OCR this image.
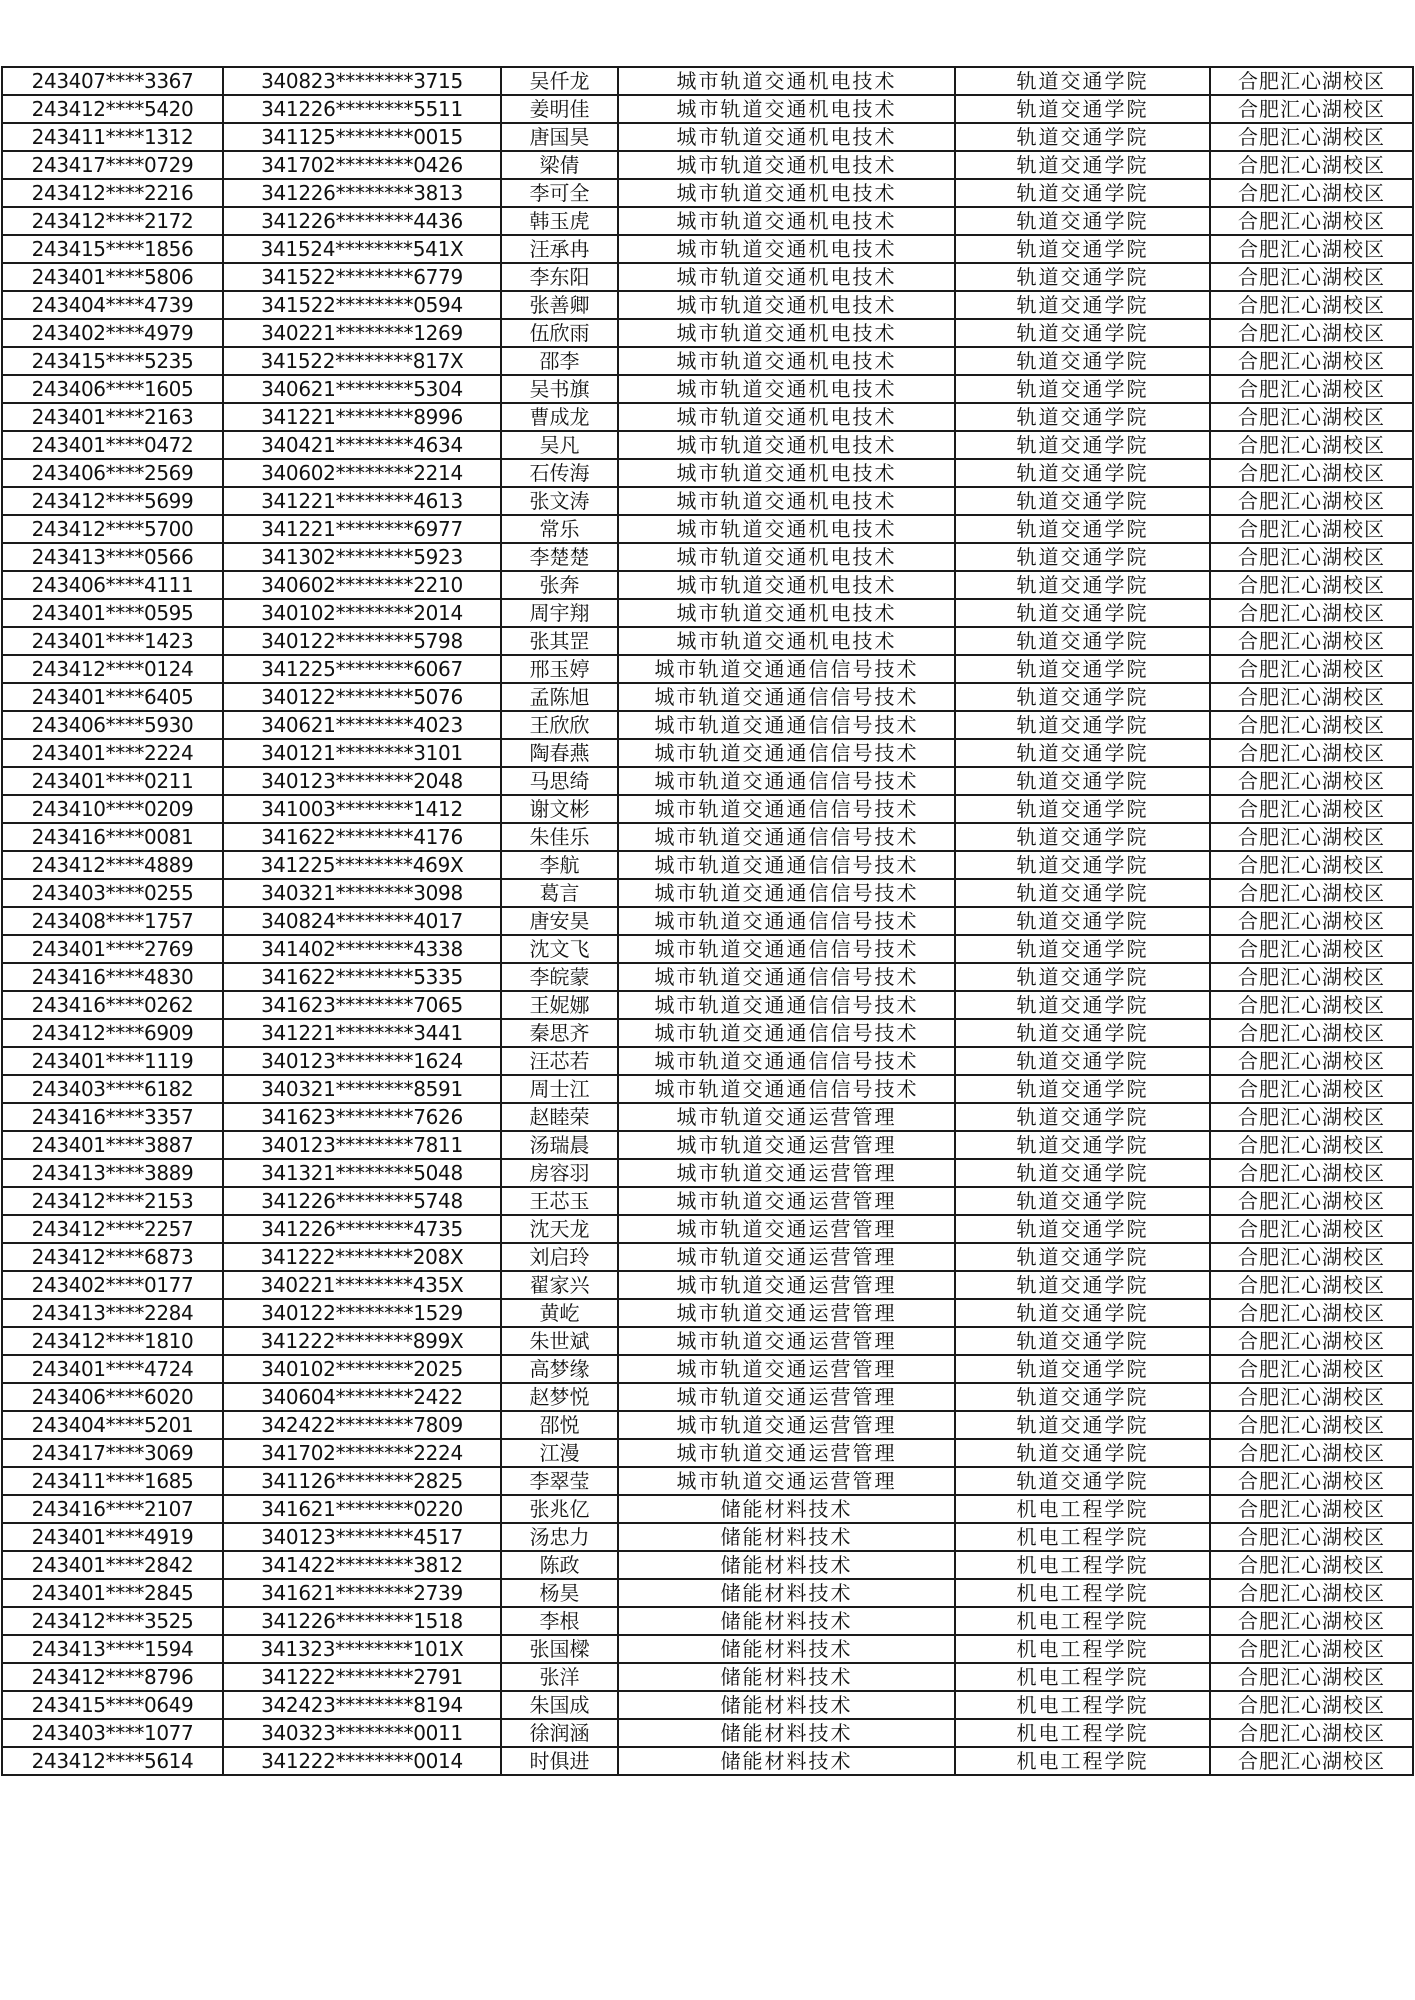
243407****3367	340823********3715	吴仟龙	城市轨道交通机电技术	轨道交通学院	合肥汇心湖校区
243412****5420	341226********5511	姜明佳	城市轨道交通机电技术	轨道交通学院	合肥汇心湖校区
243411****1312	341125********0015	唐国昊	城市轨道交通机电技术	轨道交通学院	合肥汇心湖校区
243417****0729	341702********0426	梁倩	城市轨道交通机电技术	轨道交通学院	合肥汇心湖校区
243412****2216	341226********3813	李可全	城市轨道交通机电技术	轨道交通学院	合肥汇心湖校区
243412****2172	341226********4436	韩玉虎	城市轨道交通机电技术	轨道交通学院	合肥汇心湖校区
243415****1856	341524********541X	汪承冉	城市轨道交通机电技术	轨道交通学院	合肥汇心湖校区
243401****5806	341522********6779	李东阳	城市轨道交通机电技术	轨道交通学院	合肥汇心湖校区
243404****4739	341522********0594	张善卿	城市轨道交通机电技术	轨道交通学院	合肥汇心湖校区
243402****4979	340221********1269	伍欣雨	城市轨道交通机电技术	轨道交通学院	合肥汇心湖校区
243415****5235	341522********817X	邵李	城市轨道交通机电技术	轨道交通学院	合肥汇心湖校区
243406****1605	340621********5304	吴书旗	城市轨道交通机电技术	轨道交通学院	合肥汇心湖校区
243401****2163	341221********8996	曹成龙	城市轨道交通机电技术	轨道交通学院	合肥汇心湖校区
243401****0472	340421********4634	吴凡	城市轨道交通机电技术	轨道交通学院	合肥汇心湖校区
243406****2569	340602********2214	石传海	城市轨道交通机电技术	轨道交通学院	合肥汇心湖校区
243412****5699	341221********4613	张文涛	城市轨道交通机电技术	轨道交通学院	合肥汇心湖校区
243412****5700	341221********6977	常乐	城市轨道交通机电技术	轨道交通学院	合肥汇心湖校区
243413****0566	341302********5923	李楚楚	城市轨道交通机电技术	轨道交通学院	合肥汇心湖校区
243406****4111	340602********2210	张奔	城市轨道交通机电技术	轨道交通学院	合肥汇心湖校区
243401****0595	340102********2014	周宇翔	城市轨道交通机电技术	轨道交通学院	合肥汇心湖校区
243401****1423	340122********5798	张其罡	城市轨道交通机电技术	轨道交通学院	合肥汇心湖校区
243412****0124	341225********6067	邢玉婷	城市轨道交通通信信号技术	轨道交通学院	合肥汇心湖校区
243401****6405	340122********5076	孟陈旭	城市轨道交通通信信号技术	轨道交通学院	合肥汇心湖校区
243406****5930	340621********4023	王欣欣	城市轨道交通通信信号技术	轨道交通学院	合肥汇心湖校区
243401****2224	340121********3101	陶春燕	城市轨道交通通信信号技术	轨道交通学院	合肥汇心湖校区
243401****0211	340123********2048	马思绮	城市轨道交通通信信号技术	轨道交通学院	合肥汇心湖校区
243410****0209	341003********1412	谢文彬	城市轨道交通通信信号技术	轨道交通学院	合肥汇心湖校区
243416****0081	341622********4176	朱佳乐	城市轨道交通通信信号技术	轨道交通学院	合肥汇心湖校区
243412****4889	341225********469X	李航	城市轨道交通通信信号技术	轨道交通学院	合肥汇心湖校区
243403****0255	340321********3098	葛言	城市轨道交通通信信号技术	轨道交通学院	合肥汇心湖校区
243408****1757	340824********4017	唐安昊	城市轨道交通通信信号技术	轨道交通学院	合肥汇心湖校区
243401****2769	341402********4338	沈文飞	城市轨道交通通信信号技术	轨道交通学院	合肥汇心湖校区
243416****4830	341622********5335	李皖蒙	城市轨道交通通信信号技术	轨道交通学院	合肥汇心湖校区
243416****0262	341623********7065	王妮娜	城市轨道交通通信信号技术	轨道交通学院	合肥汇心湖校区
243412****6909	341221********3441	秦思齐	城市轨道交通通信信号技术	轨道交通学院	合肥汇心湖校区
243401****1119	340123********1624	汪芯若	城市轨道交通通信信号技术	轨道交通学院	合肥汇心湖校区
243403****6182	340321********8591	周士江	城市轨道交通通信信号技术	轨道交通学院	合肥汇心湖校区
243416****3357	341623********7626	赵睦荣	城市轨道交通运营管理	轨道交通学院	合肥汇心湖校区
243401****3887	340123********7811	汤瑞晨	城市轨道交通运营管理	轨道交通学院	合肥汇心湖校区
243413****3889	341321********5048	房容羽	城市轨道交通运营管理	轨道交通学院	合肥汇心湖校区
243412****2153	341226********5748	王芯玉	城市轨道交通运营管理	轨道交通学院	合肥汇心湖校区
243412****2257	341226********4735	沈天龙	城市轨道交通运营管理	轨道交通学院	合肥汇心湖校区
243412****6873	341222********208X	刘启玲	城市轨道交通运营管理	轨道交通学院	合肥汇心湖校区
243402****0177	340221********435X	翟家兴	城市轨道交通运营管理	轨道交通学院	合肥汇心湖校区
243413****2284	340122********1529	黄屹	城市轨道交通运营管理	轨道交通学院	合肥汇心湖校区
243412****1810	341222********899X	朱世斌	城市轨道交通运营管理	轨道交通学院	合肥汇心湖校区
243401****4724	340102********2025	高梦缘	城市轨道交通运营管理	轨道交通学院	合肥汇心湖校区
243406****6020	340604********2422	赵梦悦	城市轨道交通运营管理	轨道交通学院	合肥汇心湖校区
243404****5201	342422********7809	邵悦	城市轨道交通运营管理	轨道交通学院	合肥汇心湖校区
243417****3069	341702********2224	江漫	城市轨道交通运营管理	轨道交通学院	合肥汇心湖校区
243411****1685	341126********2825	李翠莹	城市轨道交通运营管理	轨道交通学院	合肥汇心湖校区
243416****2107	341621********0220	张兆亿	储能材料技术	机电工程学院	合肥汇心湖校区
243401****4919	340123********4517	汤忠力	储能材料技术	机电工程学院	合肥汇心湖校区
243401****2842	341422********3812	陈政	储能材料技术	机电工程学院	合肥汇心湖校区
243401****2845	341621********2739	杨昊	储能材料技术	机电工程学院	合肥汇心湖校区
243412****3525	341226********1518	李根	储能材料技术	机电工程学院	合肥汇心湖校区
243413****1594	341323********101X	张国樑	储能材料技术	机电工程学院	合肥汇心湖校区
243412****8796	341222********2791	张洋	储能材料技术	机电工程学院	合肥汇心湖校区
243415****0649	342423********8194	朱国成	储能材料技术	机电工程学院	合肥汇心湖校区
243403****1077	340323********0011	徐润涵	储能材料技术	机电工程学院	合肥汇心湖校区
243412****5614	341222********0014	时俱进	储能材料技术	机电工程学院	合肥汇心湖校区
